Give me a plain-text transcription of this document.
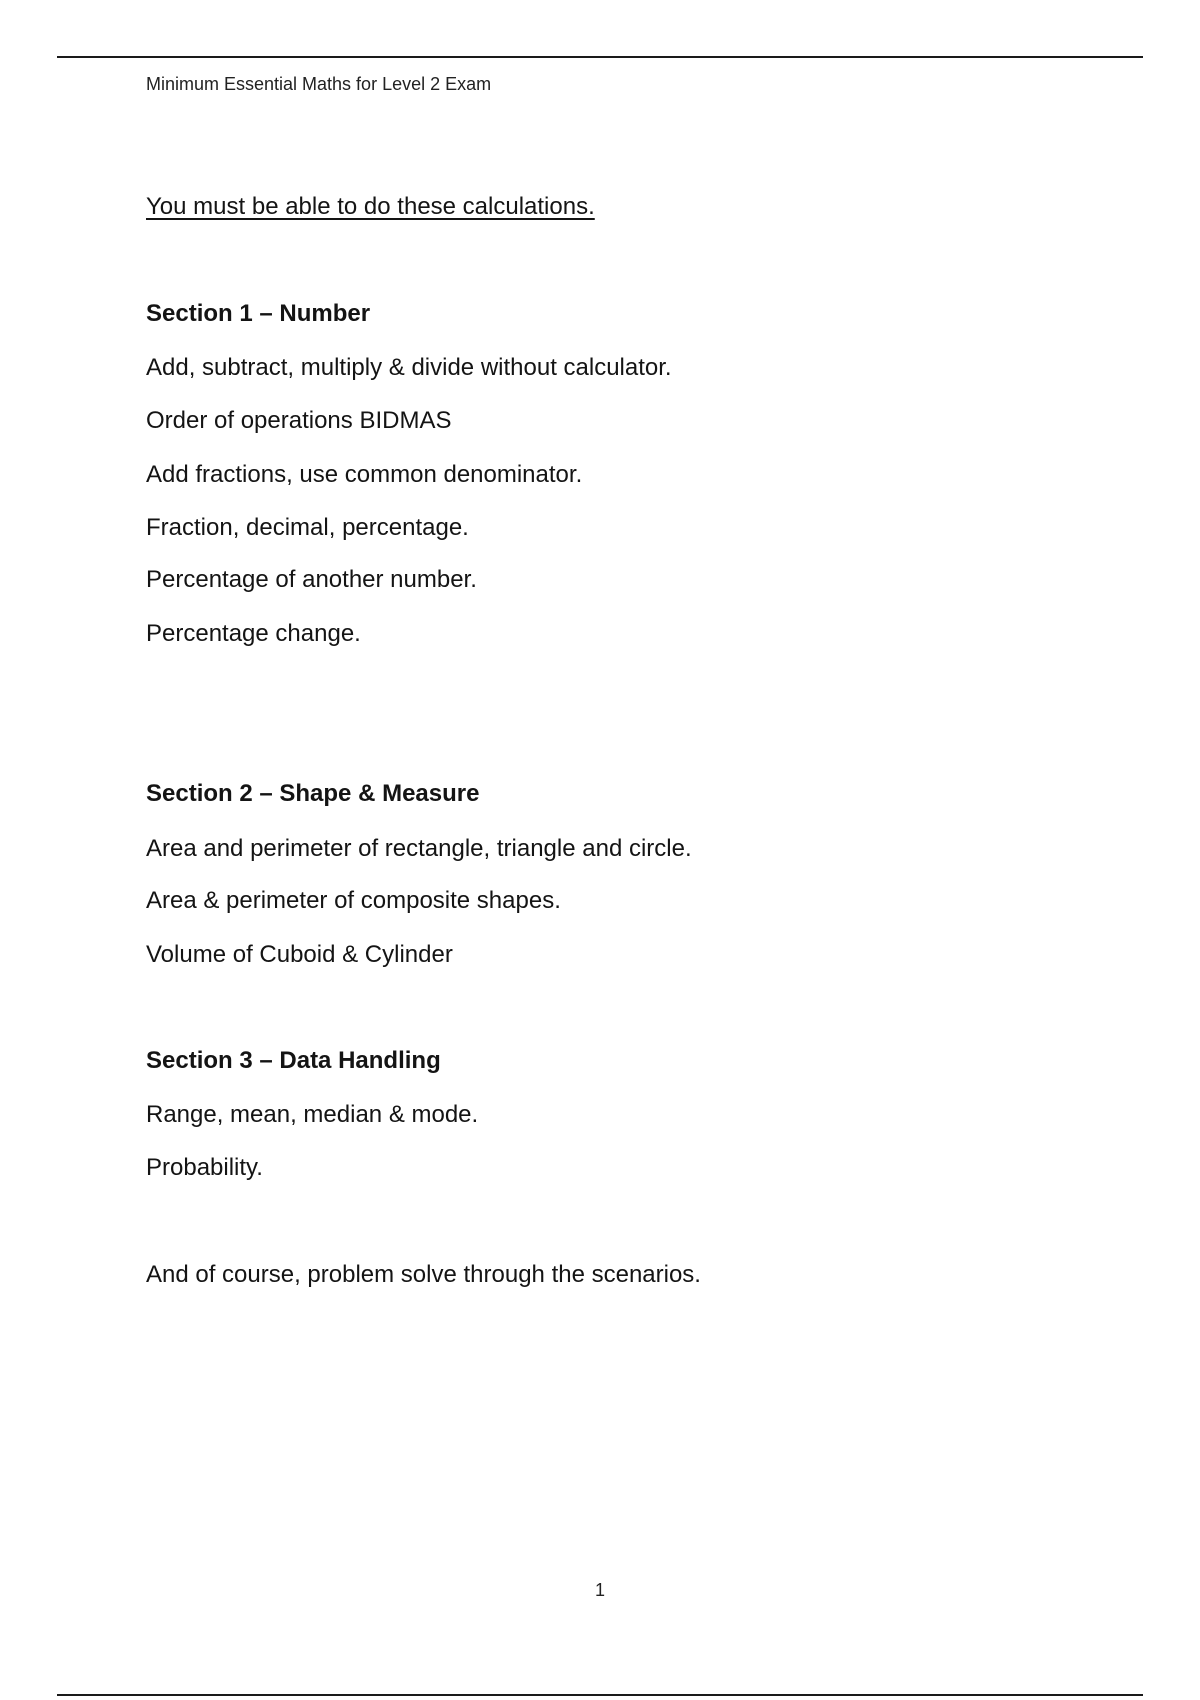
Minimum Essential Maths for Level 2 Exam
You must be able to do these calculations.
Section 1 – Number
Add, subtract, multiply & divide without calculator.
Order of operations BIDMAS
Add fractions, use common denominator.
Fraction, decimal, percentage.
Percentage of another number.
Percentage change.
Section 2 – Shape & Measure
Area and perimeter of rectangle, triangle and circle.
Area & perimeter of composite shapes.
Volume of Cuboid & Cylinder
Section 3 – Data Handling
Range, mean, median & mode.
Probability.
And of course, problem solve through the scenarios.
1
